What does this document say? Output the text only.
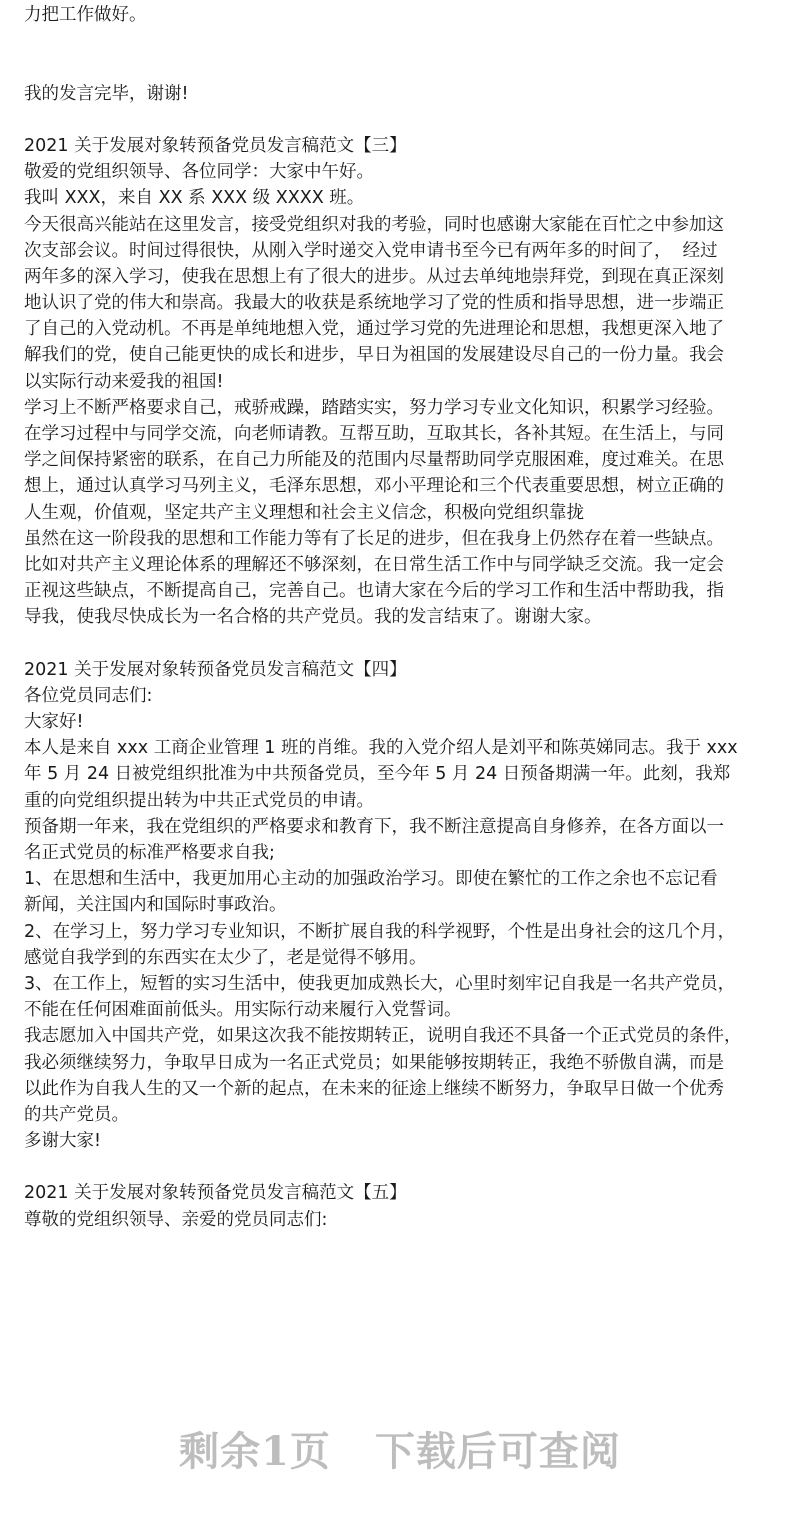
力把工作做好。
我的发言完毕，谢谢!
2021 关于发展对象转预备党员发言稿范文【三】
敬爱的党组织领导、各位同学：大家中午好。
我叫 XXX，来自 XX 系 XXX 级 XXXX 班。
今天很高兴能站在这里发言，接受党组织对我的考验，同时也感谢大家能在百忙之中参加这
次支部会议。时间过得很快，从刚入学时递交入党申请书至今已有两年多的时间了，  经过
两年多的深入学习，使我在思想上有了很大的进步。从过去单纯地崇拜党，到现在真正深刻
地认识了党的伟大和崇高。我最大的收获是系统地学习了党的性质和指导思想，进一步端正
了自己的入党动机。不再是单纯地想入党，通过学习党的先进理论和思想，我想更深入地了
解我们的党，使自己能更快的成长和进步，早日为祖国的发展建设尽自己的一份力量。我会
以实际行动来爱我的祖国!
学习上不断严格要求自己，戒骄戒躁，踏踏实实，努力学习专业文化知识，积累学习经验。
在学习过程中与同学交流，向老师请教。互帮互助，互取其长，各补其短。在生活上，与同
学之间保持紧密的联系，在自己力所能及的范围内尽量帮助同学克服困难，度过难关。在思
想上，通过认真学习马列主义，毛泽东思想，邓小平理论和三个代表重要思想，树立正确的
人生观，价值观，坚定共产主义理想和社会主义信念，积极向党组织靠拢
虽然在这一阶段我的思想和工作能力等有了长足的进步，但在我身上仍然存在着一些缺点。
比如对共产主义理论体系的理解还不够深刻，在日常生活工作中与同学缺乏交流。我一定会
正视这些缺点，不断提高自己，完善自己。也请大家在今后的学习工作和生活中帮助我，指
导我，使我尽快成长为一名合格的共产党员。我的发言结束了。谢谢大家。
2021 关于发展对象转预备党员发言稿范文【四】
各位党员同志们:
大家好!
本人是来自 xxx 工商企业管理 1 班的肖维。我的入党介绍人是刘平和陈英娣同志。我于 xxx
年 5 月 24 日被党组织批准为中共预备党员，至今年 5 月 24 日预备期满一年。此刻，我郑
重的向党组织提出转为中共正式党员的申请。
预备期一年来，我在党组织的严格要求和教育下，我不断注意提高自身修养，在各方面以一
名正式党员的标准严格要求自我;
1、在思想和生活中，我更加用心主动的加强政治学习。即使在繁忙的工作之余也不忘记看
新闻，关注国内和国际时事政治。
2、在学习上，努力学习专业知识，不断扩展自我的科学视野，个性是出身社会的这几个月，
感觉自我学到的东西实在太少了，老是觉得不够用。
3、在工作上，短暂的实习生活中，使我更加成熟长大，心里时刻牢记自我是一名共产党员，
不能在任何困难面前低头。用实际行动来履行入党誓词。
我志愿加入中国共产党，如果这次我不能按期转正，说明自我还不具备一个正式党员的条件，
我必须继续努力，争取早日成为一名正式党员；如果能够按期转正，我绝不骄傲自满，而是
以此作为自我人生的又一个新的起点，在未来的征途上继续不断努力，争取早日做一个优秀
的共产党员。
多谢大家!
2021 关于发展对象转预备党员发言稿范文【五】
尊敬的党组织领导、亲爱的党员同志们:
剩余1页 下载后可查阅
